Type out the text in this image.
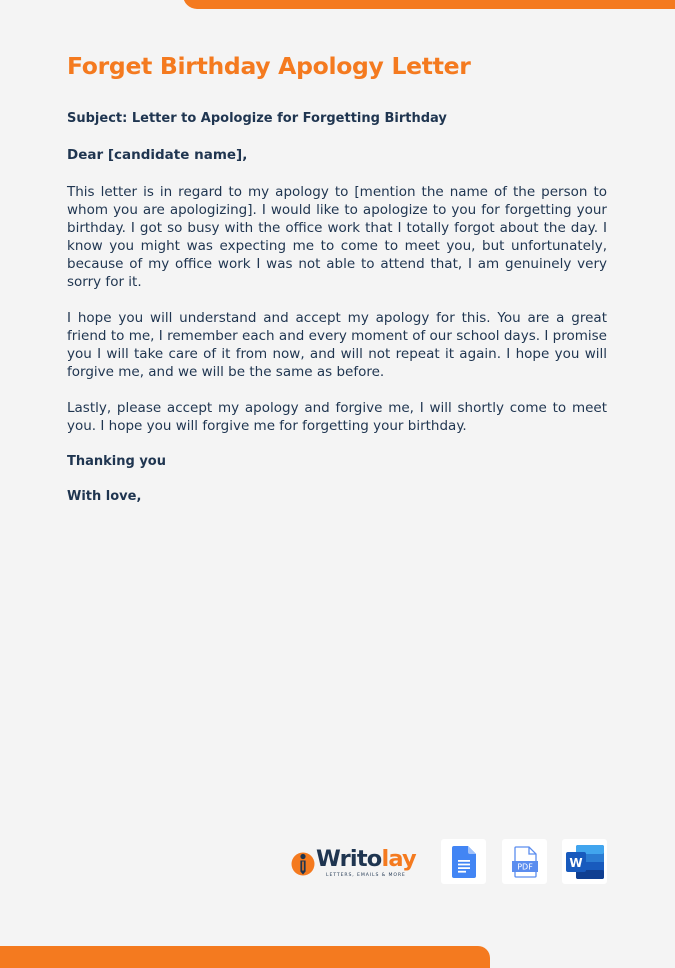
Forget Birthday Apology Letter

Subject: Letter to Apologize for Forgetting Birthday

Dear [candidate name],

This letter is in regard to my apology to [mention the name of the person to whom you are apologizing]. I would like to apologize to you for forgetting your birthday. I got so busy with the office work that I totally forgot about the day. I know you might was expecting me to come to meet you, but unfortunately, because of my office work I was not able to attend that, I am genuinely very sorry for it.

I hope you will understand and accept my apology for this. You are a great friend to me, I remember each and every moment of our school days. I promise you I will take care of it from now, and will not repeat it again. I hope you will forgive me, and we will be the same as before.

Lastly, please accept my apology and forgive me, I will shortly come to meet you. I hope you will forgive me for forgetting your birthday.

Thanking you

With love,

Writolay
LETTERS, EMAILS & MORE
PDF	W
